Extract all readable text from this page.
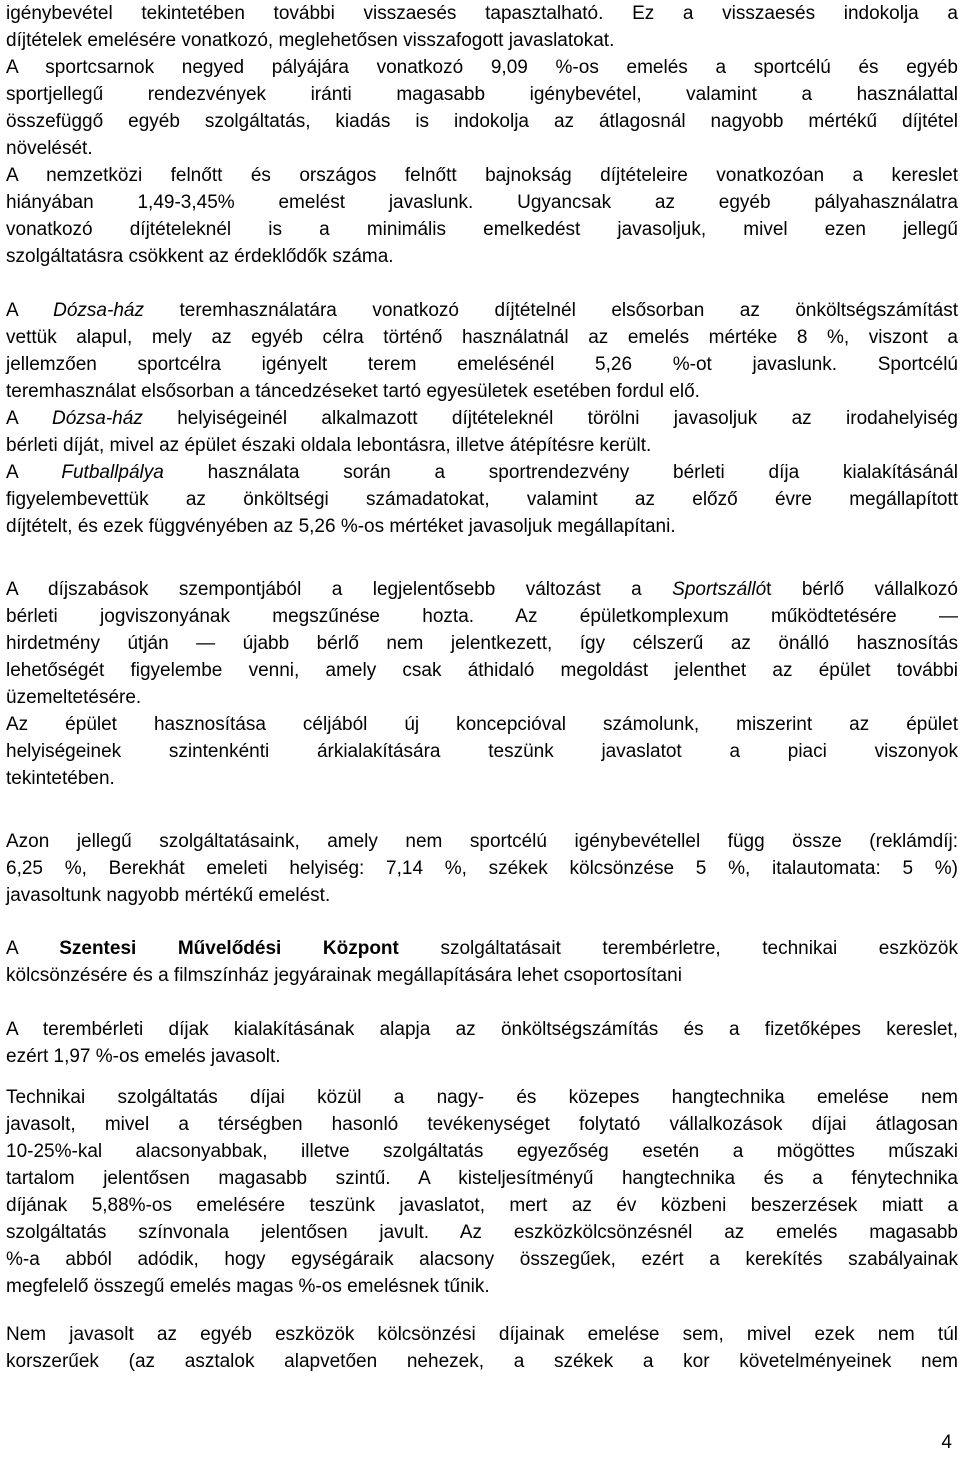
igénybevétel tekintetében további visszaesés tapasztalható. Ez a visszaesés indokolja a
díjtételek emelésére vonatkozó, meglehetősen visszafogott javaslatokat.
A sportcsarnok negyed pályájára vonatkozó 9,09 %-os emelés a sportcélú és egyéb
sportjellegű rendezvények iránti magasabb igénybevétel, valamint a használattal
összefüggő egyéb szolgáltatás, kiadás is indokolja az átlagosnál nagyobb mértékű díjtétel
növelését.
A nemzetközi felnőtt és országos felnőtt bajnokság díjtételeire vonatkozóan a kereslet
hiányában 1,49-3,45% emelést javaslunk. Ugyancsak az egyéb pályahasználatra
vonatkozó díjtételeknél is a minimális emelkedést javasoljuk, mivel ezen jellegű
szolgáltatásra csökkent az érdeklődők száma.
A Dózsa-ház teremhasználatára vonatkozó díjtételnél elsősorban az önköltségszámítást
vettük alapul, mely az egyéb célra történő használatnál az emelés mértéke 8 %, viszont a
jellemzően sportcélra igényelt terem emelésénél 5,26 %-ot javaslunk. Sportcélú
teremhasználat elsősorban a táncedzéseket tartó egyesületek esetében fordul elő.
A Dózsa-ház helyiségeinél alkalmazott díjtételeknél törölni javasoljuk az irodahelyiség
bérleti díját, mivel az épület északi oldala lebontásra, illetve átépítésre került.
A Futballpálya használata során a sportrendezvény bérleti díja kialakításánál
figyelembevettük az önköltségi számadatokat, valamint az előző évre megállapított
díjtételt, és ezek függvényében az 5,26 %-os mértéket javasoljuk megállapítani.
A díjszabások szempontjából a legjelentősebb változást a Sportszállót bérlő vállalkozó
bérleti jogviszonyának megszűnése hozta. Az épületkomplexum működtetésére —
hirdetmény útján — újabb bérlő nem jelentkezett, így célszerű az önálló hasznosítás
lehetőségét figyelembe venni, amely csak áthidaló megoldást jelenthet az épület további
üzemeltetésére.
Az épület hasznosítása céljából új koncepcióval számolunk, miszerint az épület
helyiségeinek szintenkénti árkialakítására teszünk javaslatot a piaci viszonyok
tekintetében.
Azon jellegű szolgáltatásaink, amely nem sportcélú igénybevétellel függ össze (reklámdíj:
6,25 %, Berekhát emeleti helyiség: 7,14 %, székek kölcsönzése 5 %, italautomata: 5 %)
javasoltunk nagyobb mértékű emelést.
A Szentesi Művelődési Központ szolgáltatásait terembérletre, technikai eszközök
kölcsönzésére és a filmszínház jegyárainak megállapítására lehet csoportosítani
A terembérleti díjak kialakításának alapja az önköltségszámítás és a fizetőképes kereslet,
ezért 1,97 %-os emelés javasolt.
Technikai szolgáltatás díjai közül a nagy- és közepes hangtechnika emelése nem
javasolt, mivel a térségben hasonló tevékenységet folytató vállalkozások díjai átlagosan
10-25%-kal alacsonyabbak, illetve szolgáltatás egyezőség esetén a mögöttes műszaki
tartalom jelentősen magasabb szintű. A kisteljesítményű hangtechnika és a fénytechnika
díjának 5,88%-os emelésére teszünk javaslatot, mert az év közbeni beszerzések miatt a
szolgáltatás színvonala jelentősen javult. Az eszközkölcsönzésnél az emelés magasabb
%-a abból adódik, hogy egységáraik alacsony összegűek, ezért a kerekítés szabályainak
megfelelő összegű emelés magas %-os emelésnek tűnik.
Nem javasolt az egyéb eszközök kölcsönzési díjainak emelése sem, mivel ezek nem túl
korszerűek (az asztalok alapvetően nehezek, a székek a kor követelményeinek nem
4
